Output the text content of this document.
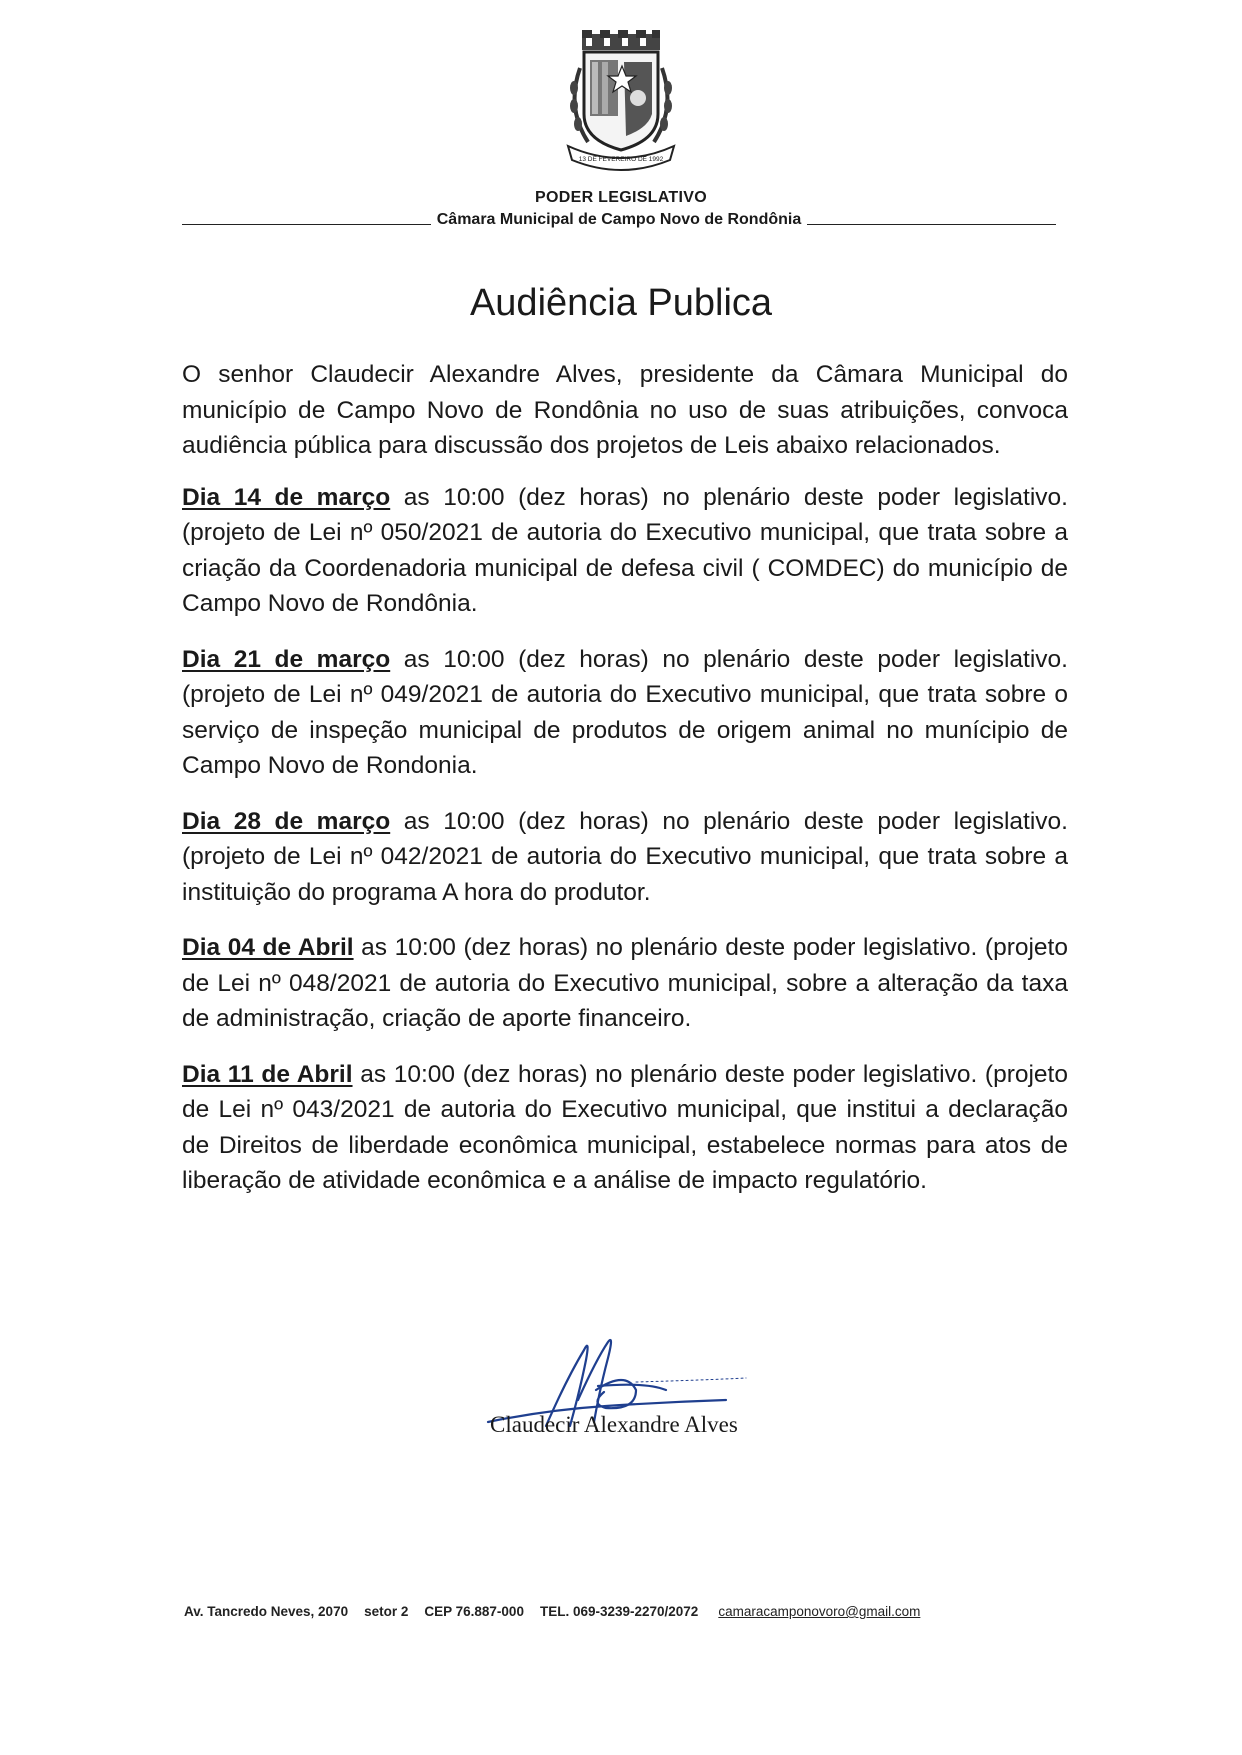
13 DE FEVEREIRO DE 1992
PODER LEGISLATIVO
Câmara Municipal de Campo Novo de Rondônia
Audiência Publica

O senhor Claudecir Alexandre Alves, presidente da Câmara Municipal do município de Campo Novo de Rondônia no uso de suas atribuições, convoca audiência pública para discussão dos projetos de Leis abaixo relacionados.

Dia 14 de março as 10:00 (dez horas) no plenário deste poder legislativo. (projeto de Lei nº 050/2021 de autoria do Executivo municipal, que trata sobre a criação da Coordenadoria municipal de defesa civil ( COMDEC) do município de Campo Novo de Rondônia.

Dia 21 de março as 10:00 (dez horas) no plenário deste poder legislativo. (projeto de Lei nº 049/2021 de autoria do Executivo municipal, que trata sobre o serviço de inspeção municipal de produtos de origem animal no munícipio de Campo Novo de Rondonia.

Dia 28 de março as 10:00 (dez horas) no plenário deste poder legislativo. (projeto de Lei nº 042/2021 de autoria do Executivo municipal, que trata sobre a instituição do programa A hora do produtor.

Dia 04 de Abril as 10:00 (dez horas) no plenário deste poder legislativo. (projeto de Lei nº 048/2021 de autoria do Executivo municipal, sobre a alteração da taxa de administração, criação de aporte financeiro.

Dia 11 de Abril as 10:00 (dez horas) no plenário deste poder legislativo. (projeto de Lei nº 043/2021 de autoria do Executivo municipal, que institui a declaração de Direitos de liberdade econômica municipal, estabelece normas para atos de liberação de atividade econômica e a análise de impacto regulatório.

Claudecir Alexandre Alves
Av. Tancredo Neves, 2070 setor 2 CEP 76.887-000 TEL. 069-3239-2270/2072 camaracamponovoro@gmail.com
